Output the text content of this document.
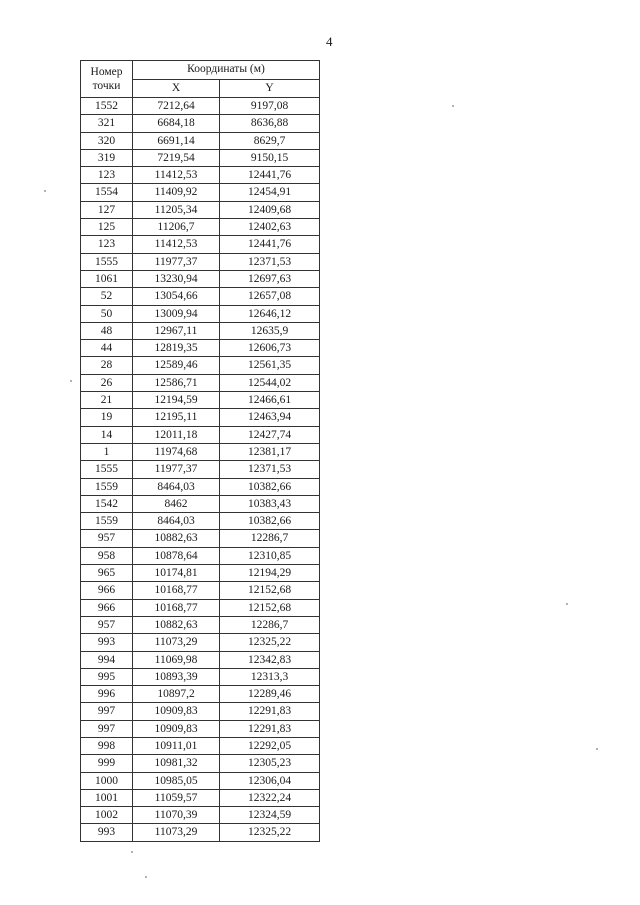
4
Номер точки	Координаты (м)	
	X	Y
1552	7212,64	9197,08
321	6684,18	8636,88
320	6691,14	8629,7
319	7219,54	9150,15
123	11412,53	12441,76
1554	11409,92	12454,91
127	11205,34	12409,68
125	11206,7	12402,63
123	11412,53	12441,76
1555	11977,37	12371,53
1061	13230,94	12697,63
52	13054,66	12657,08
50	13009,94	12646,12
48	12967,11	12635,9
44	12819,35	12606,73
28	12589,46	12561,35
26	12586,71	12544,02
21	12194,59	12466,61
19	12195,11	12463,94
14	12011,18	12427,74
1	11974,68	12381,17
1555	11977,37	12371,53
1559	8464,03	10382,66
1542	8462	10383,43
1559	8464,03	10382,66
957	10882,63	12286,7
958	10878,64	12310,85
965	10174,81	12194,29
966	10168,77	12152,68
966	10168,77	12152,68
957	10882,63	12286,7
993	11073,29	12325,22
994	11069,98	12342,83
995	10893,39	12313,3
996	10897,2	12289,46
997	10909,83	12291,83
997	10909,83	12291,83
998	10911,01	12292,05
999	10981,32	12305,23
1000	10985,05	12306,04
1001	11059,57	12322,24
1002	11070,39	12324,59
993	11073,29	12325,22
